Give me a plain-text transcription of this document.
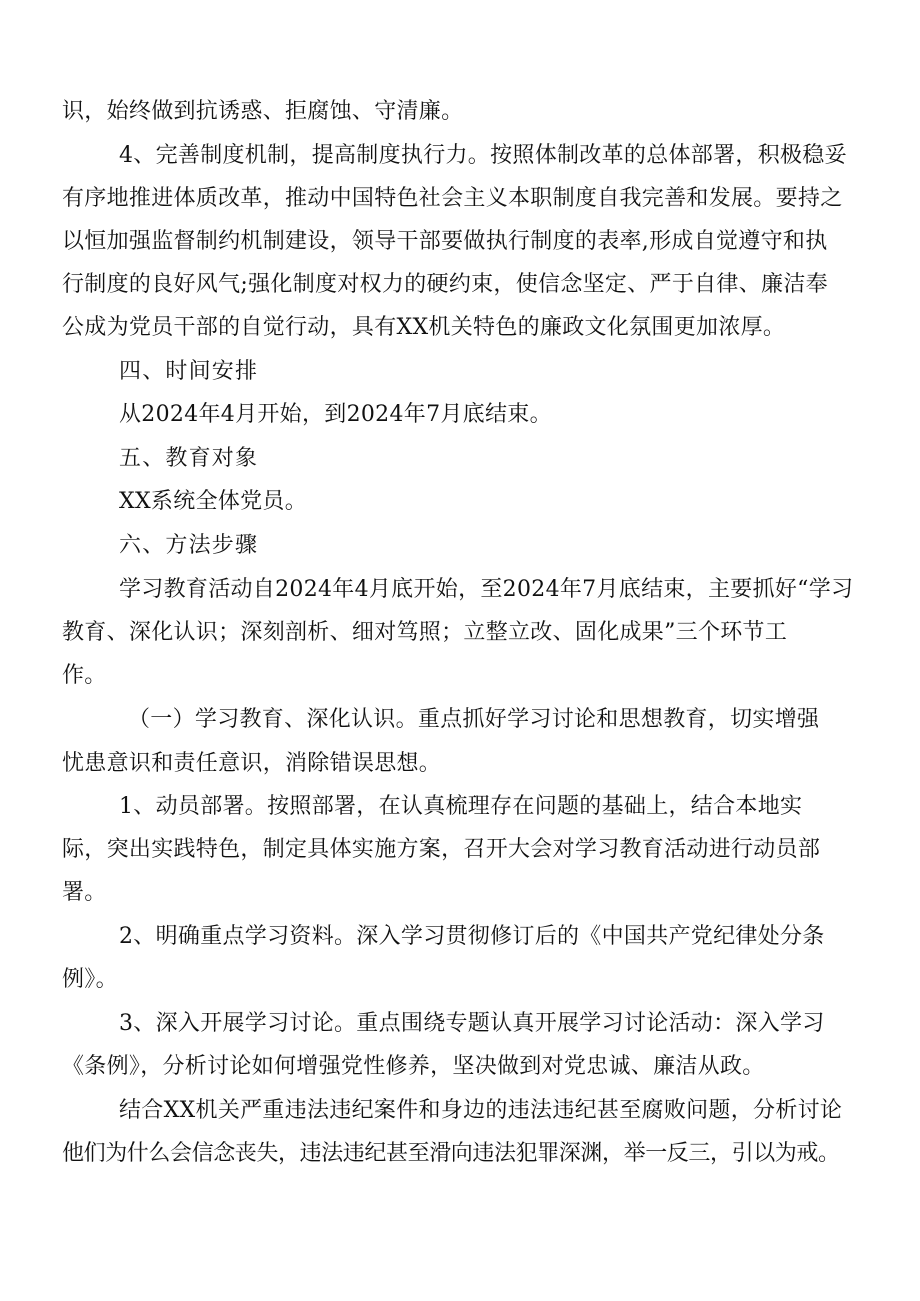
识，始终做到抗诱惑、拒腐蚀、守清廉。
4、完善制度机制，提高制度执行力。按照体制改革的总体部署，积极稳妥
有序地推进体质改革，推动中国特色社会主义本职制度自我完善和发展。要持之
以恒加强监督制约机制建设，领导干部要做执行制度的表率,形成自觉遵守和执
行制度的良好风气;强化制度对权力的硬约束，使信念坚定、严于自律、廉洁奉
公成为党员干部的自觉行动，具有XX机关特色的廉政文化氛围更加浓厚。
四、时间安排
从2024年4月开始，到2024年7月底结束。
五、教育对象
XX系统全体党员。
六、方法步骤
学习教育活动自2024年4月底开始，至2024年7月底结束，主要抓好“学习
教育、深化认识；深刻剖析、细对笃照；立整立改、固化成果”三个环节工
作。
（一）学习教育、深化认识。重点抓好学习讨论和思想教育，切实增强
忧患意识和责任意识，消除错误思想。
1、动员部署。按照部署，在认真梳理存在问题的基础上，结合本地实
际，突出实践特色，制定具体实施方案，召开大会对学习教育活动进行动员部
署。
2、明确重点学习资料。深入学习贯彻修订后的《中国共产党纪律处分条
例》。
3、深入开展学习讨论。重点围绕专题认真开展学习讨论活动：深入学习
《条例》，分析讨论如何增强党性修养，坚决做到对党忠诚、廉洁从政。
结合XX机关严重违法违纪案件和身边的违法违纪甚至腐败问题，分析讨论
他们为什么会信念丧失，违法违纪甚至滑向违法犯罪深渊，举一反三，引以为戒。
